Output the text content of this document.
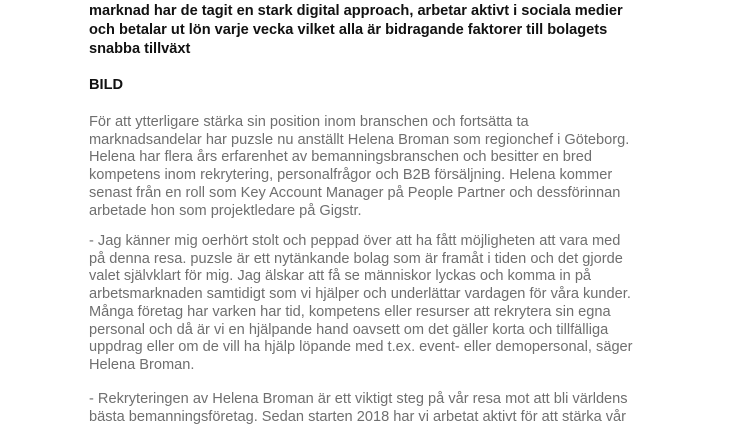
marknad har de tagit en stark digital approach, arbetar aktivt i sociala medier
och betalar ut lön varje vecka vilket alla är bidragande faktorer till bolagets
snabba tillväxt

BILD

För att ytterligare stärka sin position inom branschen och fortsätta ta
marknadsandelar har puzsle nu anställt Helena Broman som regionchef i Göteborg.
Helena har flera års erfarenhet av bemanningsbranschen och besitter en bred
kompetens inom rekrytering, personalfrågor och B2B försäljning. Helena kommer
senast från en roll som Key Account Manager på People Partner och dessförinnan
arbetade hon som projektledare på Gigstr.

- Jag känner mig oerhört stolt och peppad över att ha fått möjligheten att vara med
på denna resa. puzsle är ett nytänkande bolag som är framåt i tiden och det gjorde
valet självklart för mig. Jag älskar att få se människor lyckas och komma in på
arbetsmarknaden samtidigt som vi hjälper och underlättar vardagen för våra kunder.
Många företag har varken har tid, kompetens eller resurser att rekrytera sin egna
personal och då är vi en hjälpande hand oavsett om det gäller korta och tillfälliga
uppdrag eller om de vill ha hjälp löpande med t.ex. event- eller demopersonal, säger
Helena Broman.

- Rekryteringen av Helena Broman är ett viktigt steg på vår resa mot att bli världens
bästa bemanningsföretag. Sedan starten 2018 har vi arbetat aktivt för att stärka vår
